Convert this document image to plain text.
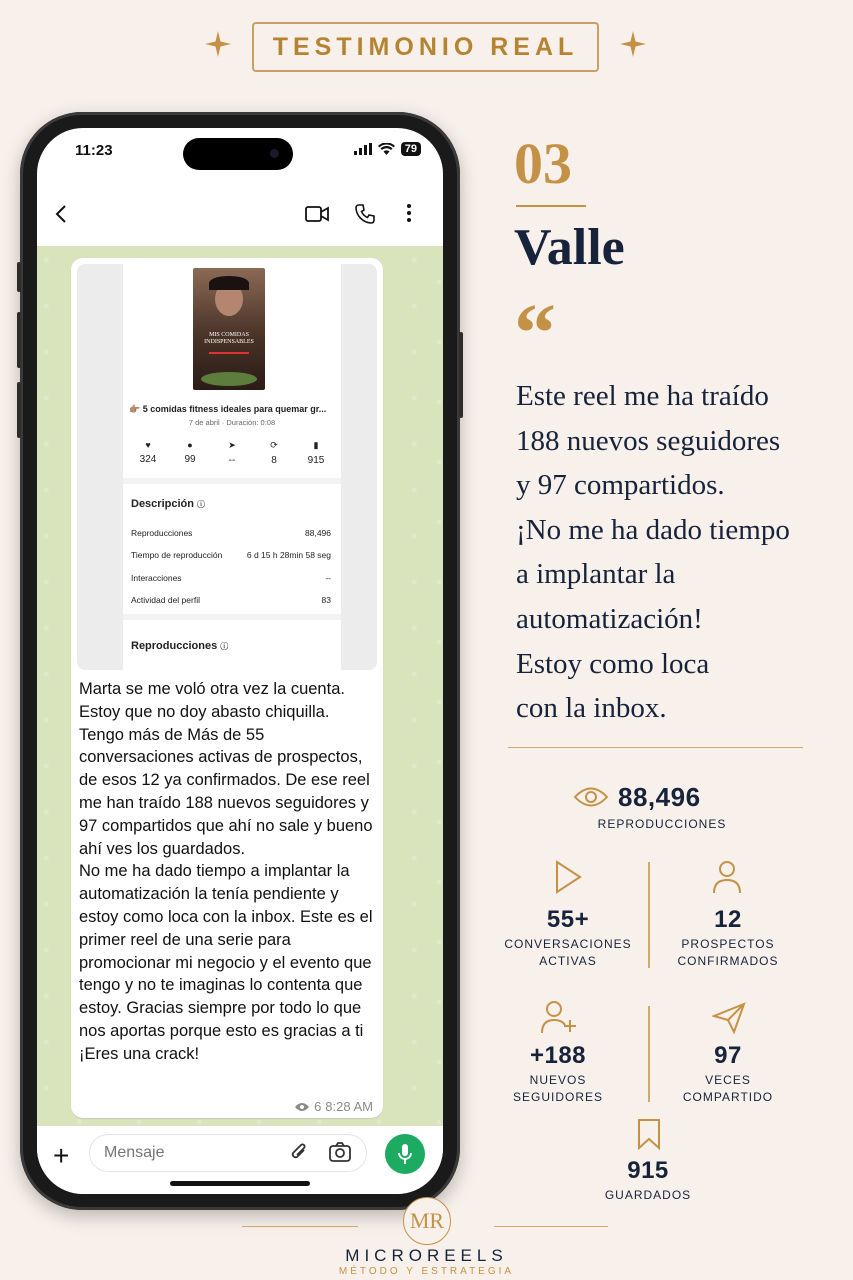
TESTIMONIO REAL
11:23	79
MIS COMIDAS INDISPENSABLES
👉🏽 5 comidas fitness ideales para quemar gr...
7 de abril · Duración: 0:08
♥
324
●
99
➤
--
⟳
8
▮
915
Descripción ⓘ
Reproducciones	88,496
Tiempo de reproducción	6 d 15 h 28min 58 seg
Interacciones	--
Actividad del perfil	83
Reproducciones ⓘ
Marta se me voló otra vez la cuenta. Estoy que no doy abasto chiquilla. Tengo más de Más de 55 conversaciones activas de prospectos, de esos 12 ya confirmados. De ese reel me han traído 188 nuevos seguidores y 97 compartidos que ahí no sale y bueno ahí ves los guardados.
No me ha dado tiempo a implantar la automatización la tenía pendiente y estoy como loca con la inbox. Este es el primer reel de una serie para promocionar mi negocio y el evento que tengo y no te imaginas lo contenta que estoy. Gracias siempre por todo lo que nos aportas porque esto es gracias a ti ¡Eres una crack!
6 8:28 AM
+
Mensaje
03
Valle
“
Este reel me ha traído
188 nuevos seguidores
y 97 compartidos.
¡No me ha dado tiempo
a implantar la
automatización!
Estoy como loca
con la inbox.
88,496
REPRODUCCIONES
55+
CONVERSACIONES
ACTIVAS
12
PROSPECTOS
CONFIRMADOS
+188
NUEVOS
SEGUIDORES
97
VECES
COMPARTIDO
915
GUARDADOS
MR
MICROREELS
MÉTODO Y ESTRATEGIA
